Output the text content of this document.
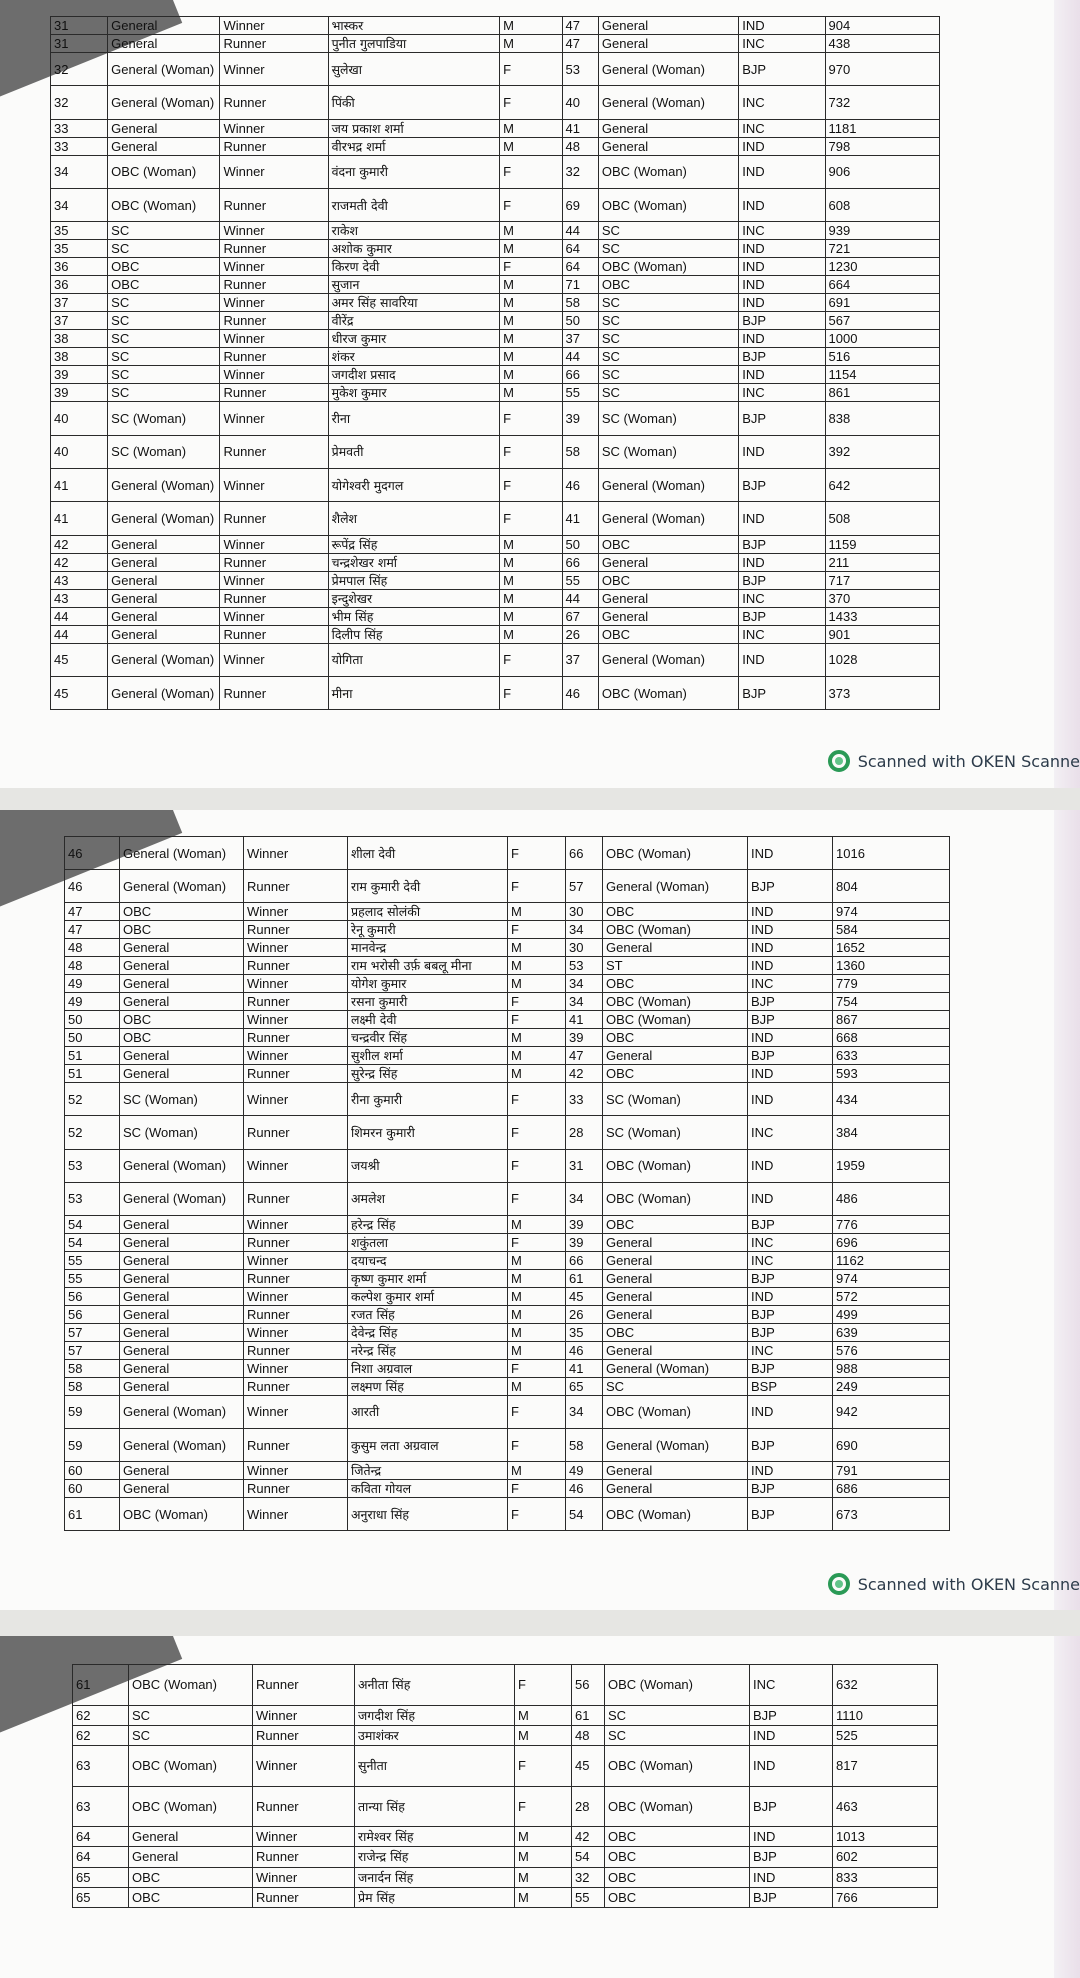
31	General	Winner	भास्कर	M	47	General	IND	904
31	General	Runner	पुनीत गुलपाडिया	M	47	General	INC	438
32	General (Woman)	Winner	सुलेखा	F	53	General (Woman)	BJP	970
32	General (Woman)	Runner	पिंकी	F	40	General (Woman)	INC	732
33	General	Winner	जय प्रकाश शर्मा	M	41	General	INC	1181
33	General	Runner	वीरभद्र शर्मा	M	48	General	IND	798
34	OBC (Woman)	Winner	वंदना कुमारी	F	32	OBC (Woman)	IND	906
34	OBC (Woman)	Runner	राजमती देवी	F	69	OBC (Woman)	IND	608
35	SC	Winner	राकेश	M	44	SC	INC	939
35	SC	Runner	अशोक कुमार	M	64	SC	IND	721
36	OBC	Winner	किरण देवी	F	64	OBC (Woman)	IND	1230
36	OBC	Runner	सुजान	M	71	OBC	IND	664
37	SC	Winner	अमर सिंह सावरिया	M	58	SC	IND	691
37	SC	Runner	वीरेंद्र	M	50	SC	BJP	567
38	SC	Winner	धीरज कुमार	M	37	SC	IND	1000
38	SC	Runner	शंकर	M	44	SC	BJP	516
39	SC	Winner	जगदीश प्रसाद	M	66	SC	IND	1154
39	SC	Runner	मुकेश कुमार	M	55	SC	INC	861
40	SC (Woman)	Winner	रीना	F	39	SC (Woman)	BJP	838
40	SC (Woman)	Runner	प्रेमवती	F	58	SC (Woman)	IND	392
41	General (Woman)	Winner	योगेश्वरी मुदगल	F	46	General (Woman)	BJP	642
41	General (Woman)	Runner	शैलेश	F	41	General (Woman)	IND	508
42	General	Winner	रूपेंद्र सिंह	M	50	OBC	BJP	1159
42	General	Runner	चन्द्रशेखर शर्मा	M	66	General	IND	211
43	General	Winner	प्रेमपाल सिंह	M	55	OBC	BJP	717
43	General	Runner	इन्दुशेखर	M	44	General	INC	370
44	General	Winner	भीम सिंह	M	67	General	BJP	1433
44	General	Runner	दिलीप सिंह	M	26	OBC	INC	901
45	General (Woman)	Winner	योगिता	F	37	General (Woman)	IND	1028
45	General (Woman)	Runner	मीना	F	46	OBC (Woman)	BJP	373
Scanned with OKEN Scanne
46	General (Woman)	Winner	शीला देवी	F	66	OBC (Woman)	IND	1016
46	General (Woman)	Runner	राम कुमारी देवी	F	57	General (Woman)	BJP	804
47	OBC	Winner	प्रहलाद सोलंकी	M	30	OBC	IND	974
47	OBC	Runner	रेनू कुमारी	F	34	OBC (Woman)	IND	584
48	General	Winner	मानवेन्द्र	M	30	General	IND	1652
48	General	Runner	राम भरोसी उर्फ़ बबलू मीना	M	53	ST	IND	1360
49	General	Winner	योगेश कुमार	M	34	OBC	INC	779
49	General	Runner	रसना कुमारी	F	34	OBC (Woman)	BJP	754
50	OBC	Winner	लक्ष्मी देवी	F	41	OBC (Woman)	BJP	867
50	OBC	Runner	चन्द्रवीर सिंह	M	39	OBC	IND	668
51	General	Winner	सुशील शर्मा	M	47	General	BJP	633
51	General	Runner	सुरेन्द्र सिंह	M	42	OBC	IND	593
52	SC (Woman)	Winner	रीना कुमारी	F	33	SC (Woman)	IND	434
52	SC (Woman)	Runner	शिमरन कुमारी	F	28	SC (Woman)	INC	384
53	General (Woman)	Winner	जयश्री	F	31	OBC (Woman)	IND	1959
53	General (Woman)	Runner	अमलेश	F	34	OBC (Woman)	IND	486
54	General	Winner	हरेन्द्र सिंह	M	39	OBC	BJP	776
54	General	Runner	शकुंतला	F	39	General	INC	696
55	General	Winner	दयाचन्द	M	66	General	INC	1162
55	General	Runner	कृष्ण कुमार शर्मा	M	61	General	BJP	974
56	General	Winner	कल्पेश कुमार शर्मा	M	45	General	IND	572
56	General	Runner	रजत सिंह	M	26	General	BJP	499
57	General	Winner	देवेन्द्र सिंह	M	35	OBC	BJP	639
57	General	Runner	नरेन्द्र सिंह	M	46	General	INC	576
58	General	Winner	निशा अग्रवाल	F	41	General (Woman)	BJP	988
58	General	Runner	लक्ष्मण सिंह	M	65	SC	BSP	249
59	General (Woman)	Winner	आरती	F	34	OBC (Woman)	IND	942
59	General (Woman)	Runner	कुसुम लता अग्रवाल	F	58	General (Woman)	BJP	690
60	General	Winner	जितेन्द्र	M	49	General	IND	791
60	General	Runner	कविता गोयल	F	46	General	BJP	686
61	OBC (Woman)	Winner	अनुराधा सिंह	F	54	OBC (Woman)	BJP	673
Scanned with OKEN Scanne
61	OBC (Woman)	Runner	अनीता सिंह	F	56	OBC (Woman)	INC	632
62	SC	Winner	जगदीश सिंह	M	61	SC	BJP	1110
62	SC	Runner	उमाशंकर	M	48	SC	IND	525
63	OBC (Woman)	Winner	सुनीता	F	45	OBC (Woman)	IND	817
63	OBC (Woman)	Runner	तान्या सिंह	F	28	OBC (Woman)	BJP	463
64	General	Winner	रामेश्वर सिंह	M	42	OBC	IND	1013
64	General	Runner	राजेन्द्र सिंह	M	54	OBC	BJP	602
65	OBC	Winner	जनार्दन सिंह	M	32	OBC	IND	833
65	OBC	Runner	प्रेम सिंह	M	55	OBC	BJP	766
